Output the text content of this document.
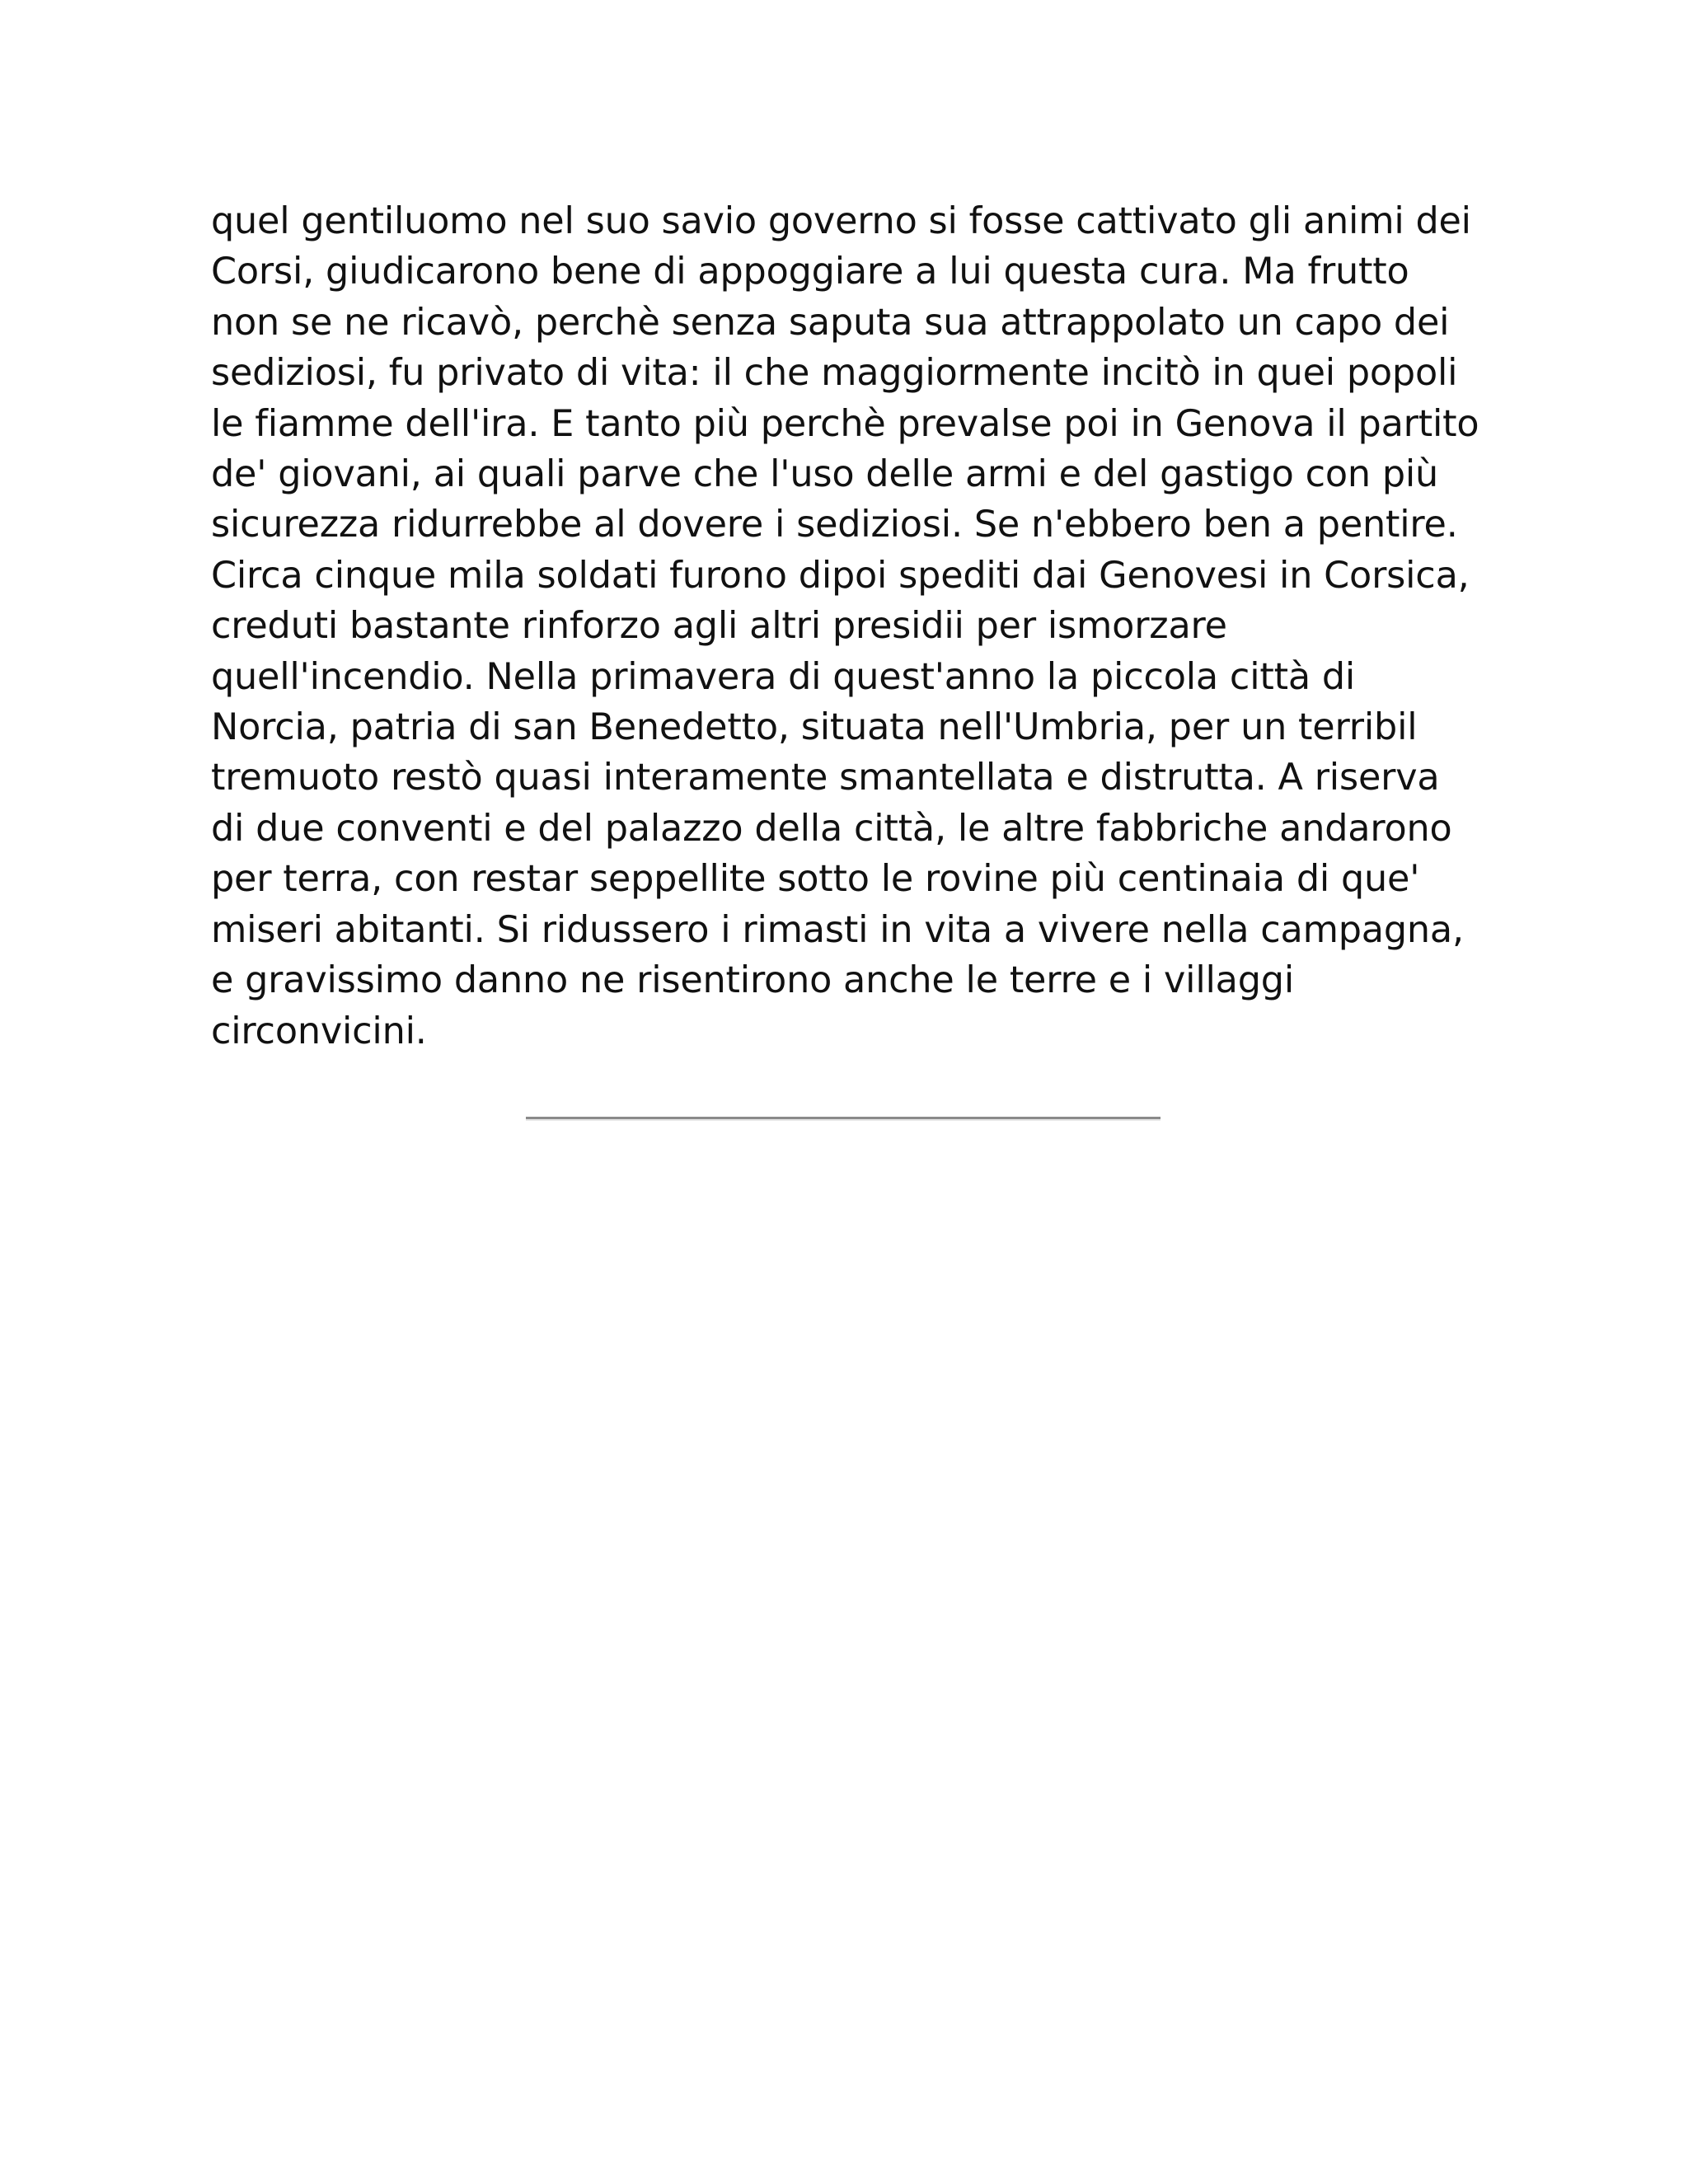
quel gentiluomo nel suo savio governo si fosse cattivato gli animi dei
Corsi, giudicarono bene di appoggiare a lui questa cura. Ma frutto
non se ne ricavò, perchè senza saputa sua attrappolato un capo dei
sediziosi, fu privato di vita: il che maggiormente incitò in quei popoli
le fiamme dell'ira. E tanto più perchè prevalse poi in Genova il partito
de' giovani, ai quali parve che l'uso delle armi e del gastigo con più
sicurezza ridurrebbe al dovere i sediziosi. Se n'ebbero ben a pentire.
Circa cinque mila soldati furono dipoi spediti dai Genovesi in Corsica,
creduti bastante rinforzo agli altri presidii per ismorzare
quell'incendio. Nella primavera di quest'anno la piccola città di
Norcia, patria di san Benedetto, situata nell'Umbria, per un terribil
tremuoto restò quasi interamente smantellata e distrutta. A riserva
di due conventi e del palazzo della città, le altre fabbriche andarono
per terra, con restar seppellite sotto le rovine più centinaia di que'
miseri abitanti. Si ridussero i rimasti in vita a vivere nella campagna,
e gravissimo danno ne risentirono anche le terre e i villaggi
circonvicini.
